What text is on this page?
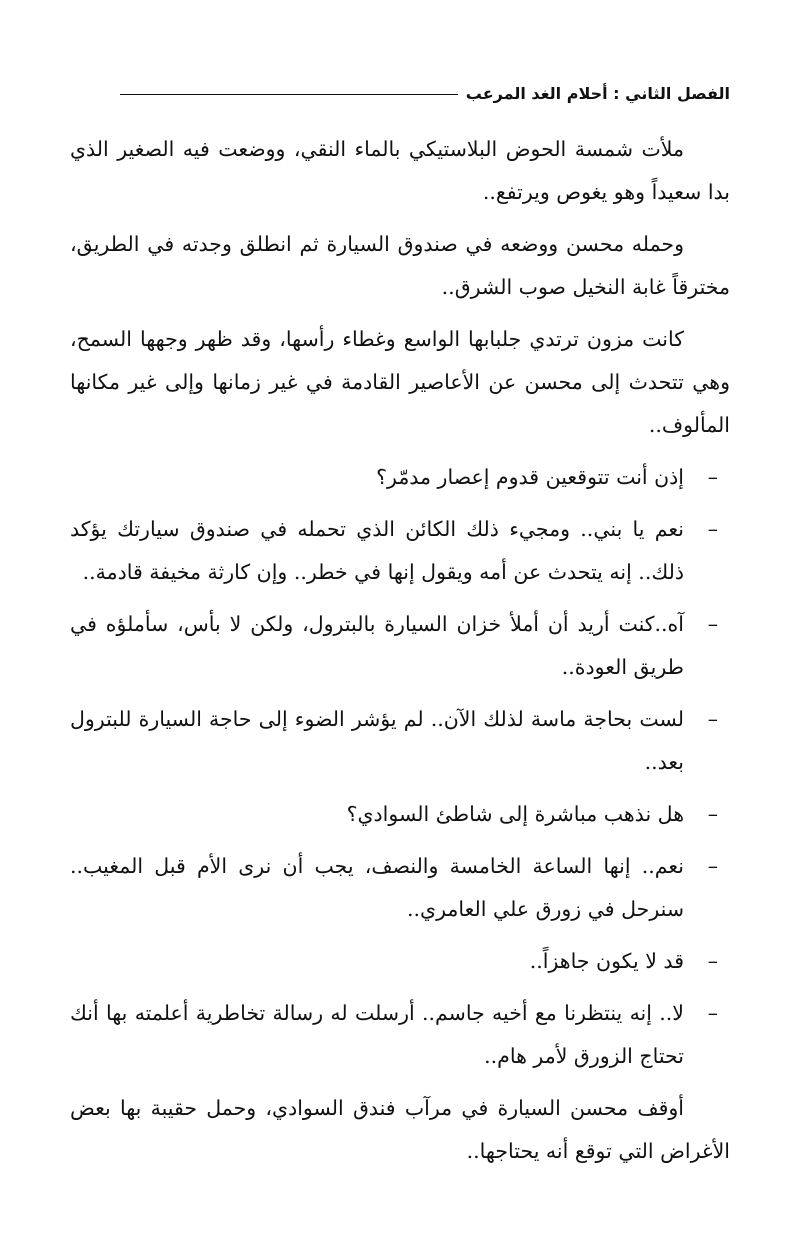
الفصل الثاني : أحلام الغد المرعب

ملأت شمسة الحوض البلاستيكي بالماء النقي، ووضعت فيه الصغير الذي بدا سعيداً وهو يغوص ويرتفع..

وحمله محسن ووضعه في صندوق السيارة ثم انطلق وجدته في الطريق، مخترقاً غابة النخيل صوب الشرق..

كانت مزون ترتدي جلبابها الواسع وغطاء رأسها، وقد ظهر وجهها السمح، وهي تتحدث إلى محسن عن الأعاصير القادمة في غير زمانها وإلى غير مكانها المألوف..

–
إذن أنت تتوقعين قدوم إعصار مدمّر؟
–
نعم يا بني.. ومجيء ذلك الكائن الذي تحمله في صندوق سيارتك يؤكد ذلك.. إنه يتحدث عن أمه ويقول إنها في خطر.. وإن كارثة مخيفة قادمة..
–
آه..كنت أريد أن أملأ خزان السيارة بالبترول، ولكن لا بأس، سأملؤه في طريق العودة..
–
لست بحاجة ماسة لذلك الآن.. لم يؤشر الضوء إلى حاجة السيارة للبترول بعد..
–
هل نذهب مباشرة إلى شاطئ السوادي؟
–
نعم.. إنها الساعة الخامسة والنصف، يجب أن نرى الأم قبل المغيب.. سنرحل في زورق علي العامري..
–
قد لا يكون جاهزاً..
–
لا.. إنه ينتظرنا مع أخيه جاسم.. أرسلت له رسالة تخاطرية أعلمته بها أنك تحتاج الزورق لأمر هام..

أوقف محسن السيارة في مرآب فندق السوادي، وحمل حقيبة بها بعض الأغراض التي توقع أنه يحتاجها..
